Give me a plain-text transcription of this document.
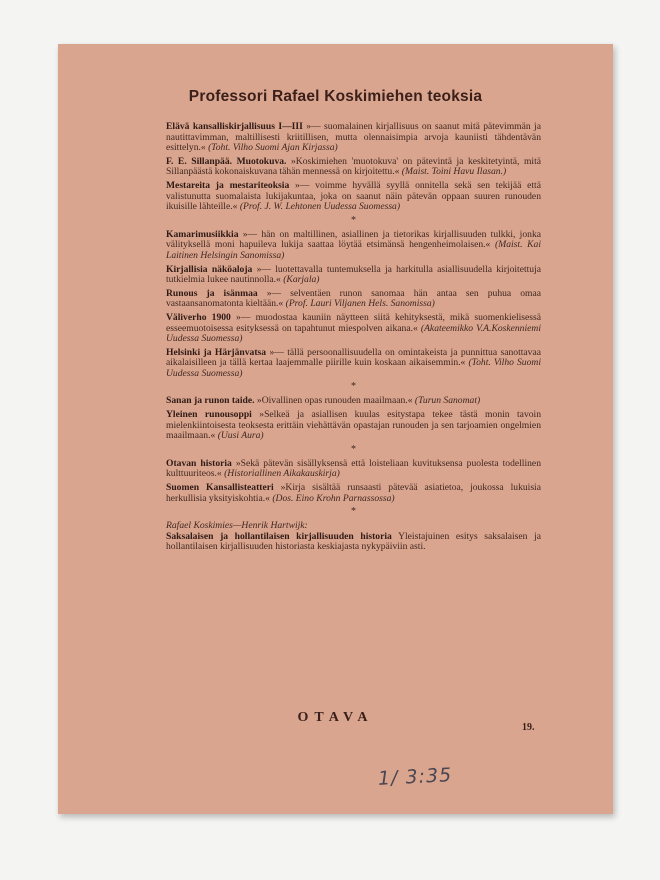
Professori Rafael Koskimiehen teoksia
Elävä kansalliskirjallisuus I—III »— suomalainen kirjallisuus on saanut mitä pätevimmän ja nautittavimman, maltillisesti kriitillisen, mutta olennaisimpia arvoja kauniisti tähdentävän esittelyn.« (Toht. Vilho Suomi Ajan Kirjassa)
F. E. Sillanpää. Muotokuva. »Koskimiehen 'muotokuva' on pätevintä ja keskitetyintä, mitä Sillanpäästä kokonaiskuvana tähän mennessä on kirjoitettu.« (Maist. Toini Havu Ilasan.)
Mestareita ja mestariteoksia »— voimme hyvällä syyllä onnitella sekä sen tekijää että valistunutta suomalaista lukijakuntaa, joka on saanut näin pätevän oppaan suuren runouden ikuisille lähteille.« (Prof. J. W. Lehtonen Uudessa Suomessa)
*
Kamarimusiikkia »— hän on maltillinen, asiallinen ja tietorikas kirjallisuuden tulkki, jonka välityksellä moni hapuileva lukija saattaa löytää etsimänsä hengenheimolaisen.« (Maist. Kai Laitinen Helsingin Sanomissa)
Kirjallisia näköaloja »— luotettavalla tuntemuksella ja harkitulla asiallisuudella kirjoitettuja tutkielmia lukee nautinnolla.« (Karjala)
Runous ja isänmaa »— selventäen runon sanomaa hän antaa sen puhua omaa vastaansanomatonta kieltään.« (Prof. Lauri Viljanen Hels. Sanomissa)
Väliverho 1900 »— muodostaa kauniin näytteen siitä kehityksestä, mikä suomenkielisessä esseemuotoisessa esityksessä on tapahtunut miespolven aikana.« (Akateemikko V.A.Koskenniemi Uudessa Suomessa)
Helsinki ja Härjänvatsa »— tällä persoonallisuudella on omintakeista ja punnittua sanottavaa aikalaisilleen ja tällä kertaa laajemmalle piirille kuin koskaan aikaisemmin.« (Toht. Vilho Suomi Uudessa Suomessa)
*
Sanan ja runon taide. »Oivallinen opas runouden maailmaan.« (Turun Sanomat)
Yleinen runousoppi »Selkeä ja asiallisen kuulas esitystapa tekee tästä monin tavoin mielenkiintoisesta teoksesta erittäin viehättävän opastajan runouden ja sen tarjoamien ongelmien maailmaan.« (Uusi Aura)
*
Otavan historia »Sekä pätevän sisällyksensä että loisteliaan kuvituksensa puolesta todellinen kulttuuriteos.« (Historiallinen Aikakauskirja)
Suomen Kansallisteatteri »Kirja sisältää runsaasti pätevää asiatietoa, joukossa lukuisia herkullisia yksityiskohtia.« (Dos. Eino Krohn Parnassossa)
*
Rafael Koskimies—Henrik Hartwijk:
Saksalaisen ja hollantilaisen kirjallisuuden historia Yleistajuinen esitys saksalaisen ja hollantilaisen kirjallisuuden historiasta keskiajasta nykypäiviin asti.
OTAVA
19.
1/ 3:35
